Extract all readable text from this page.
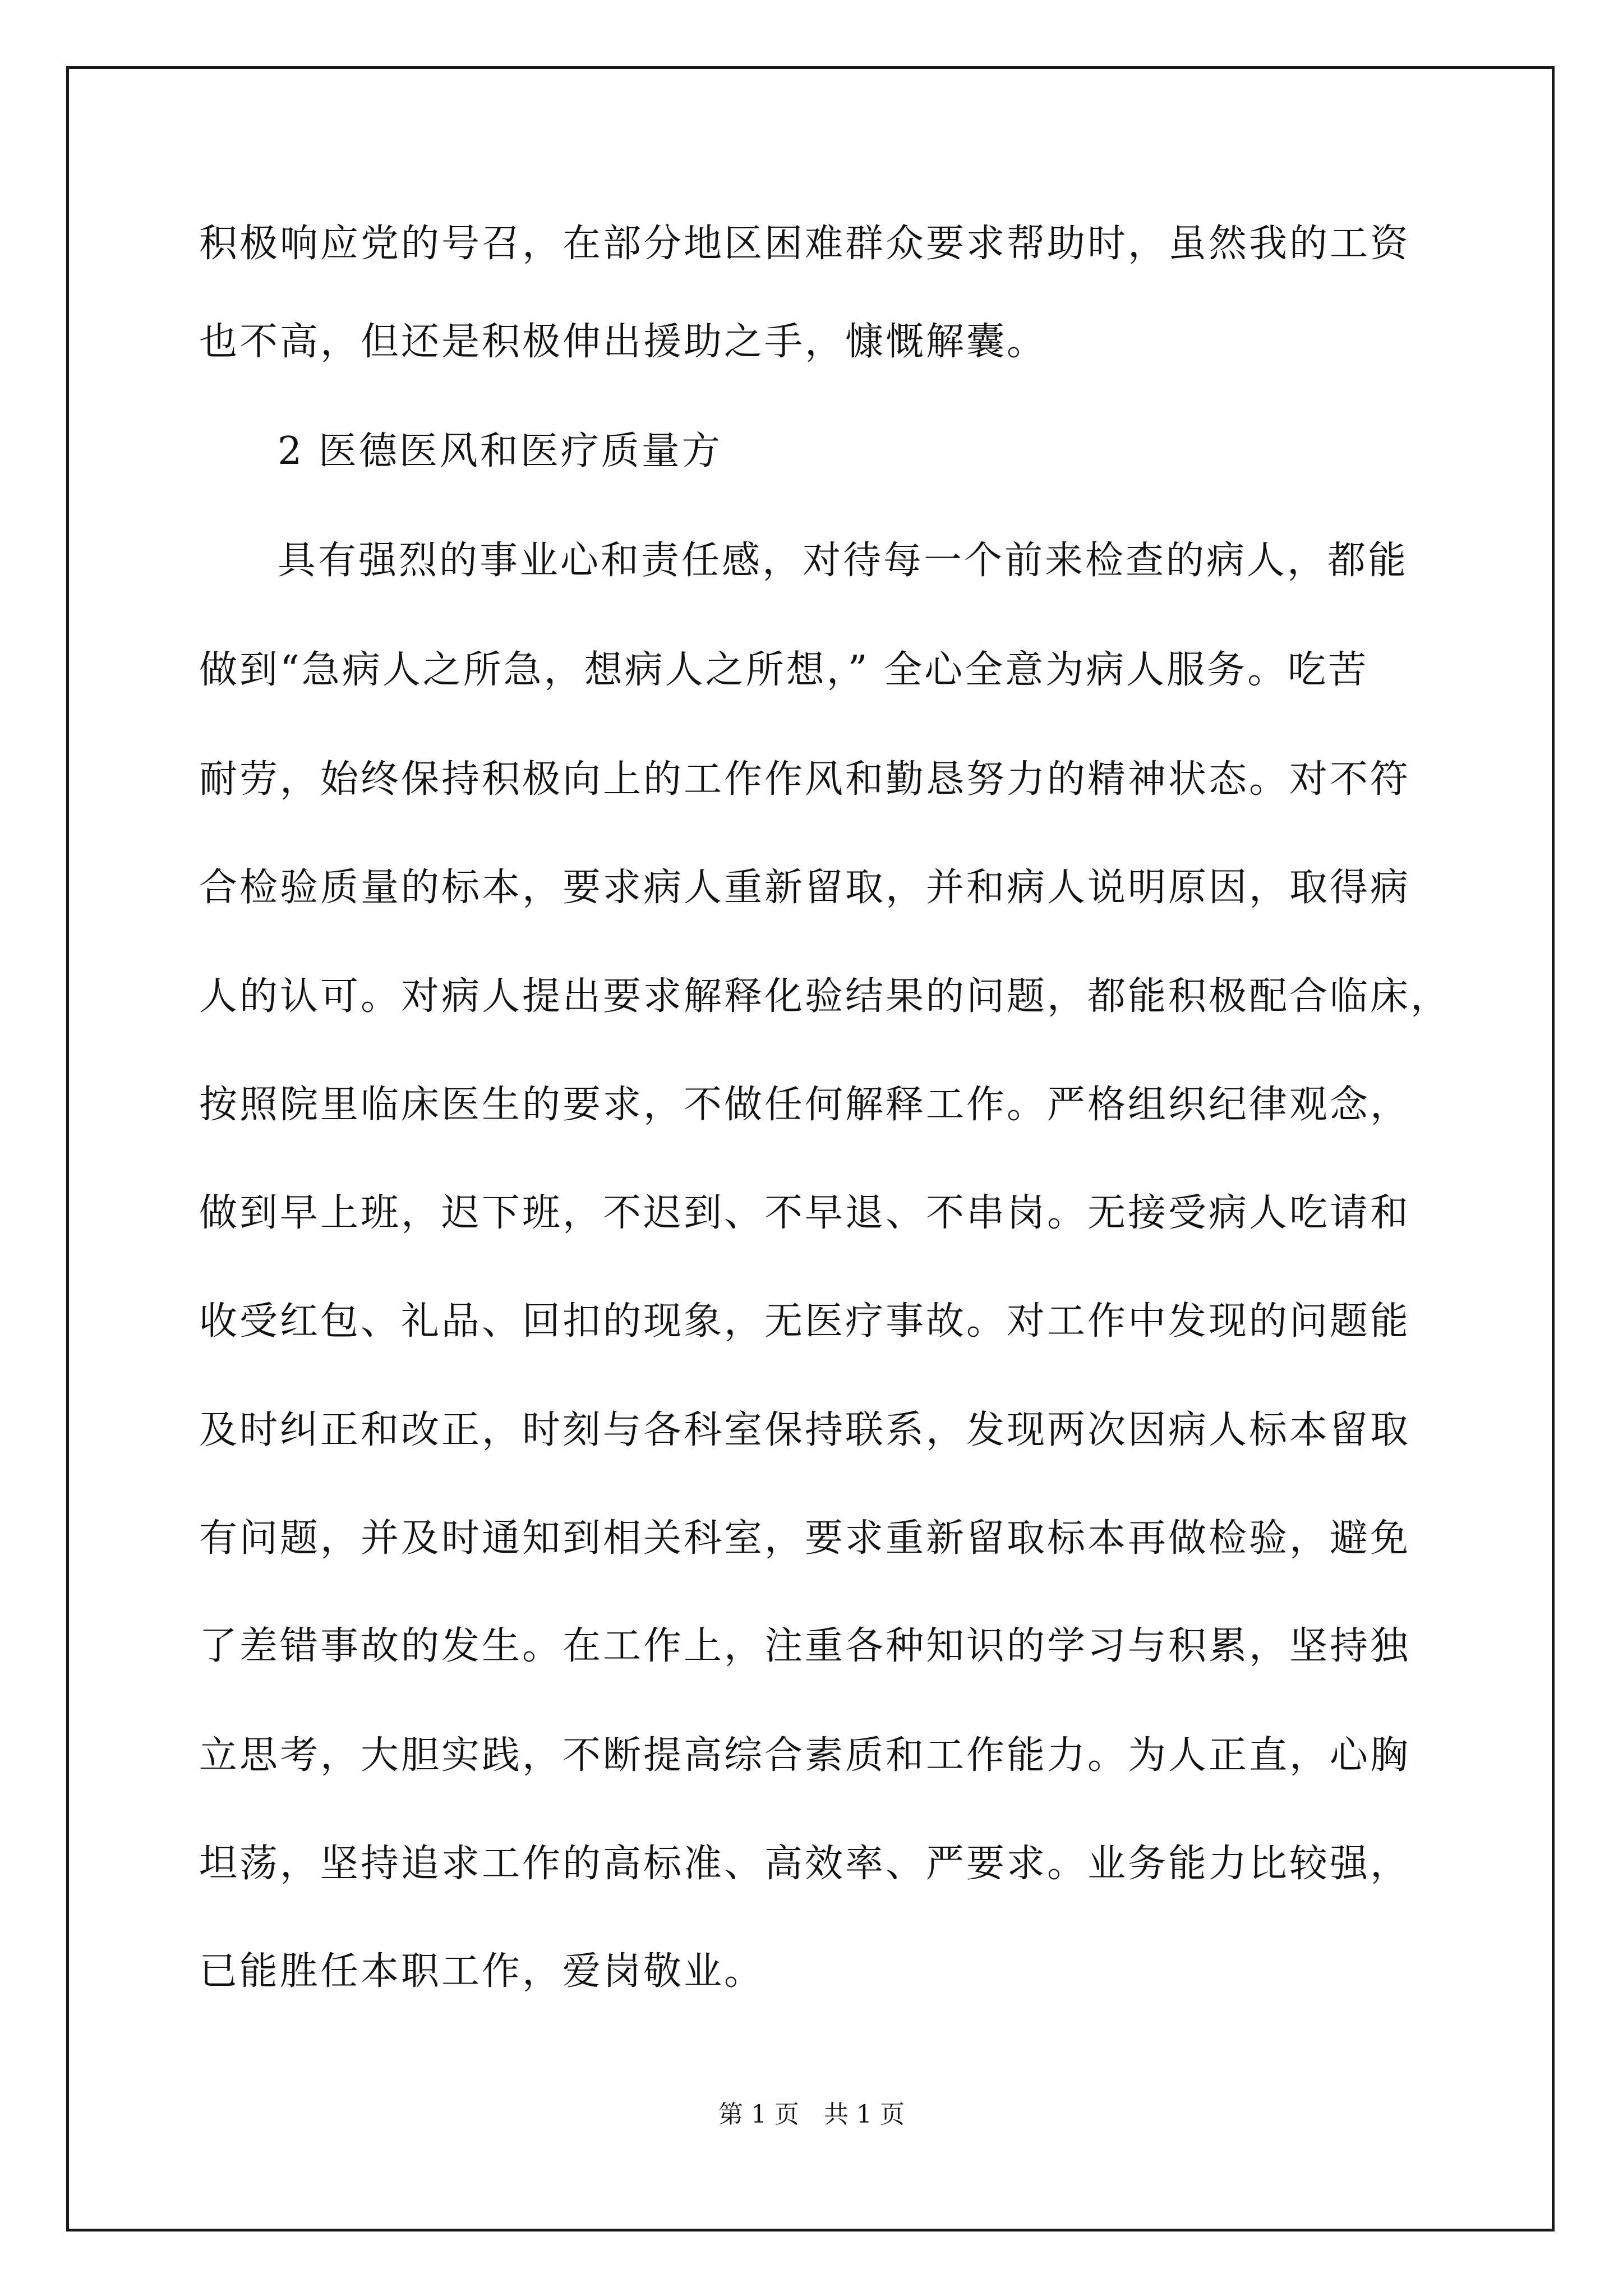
积极响应党的号召，在部分地区困难群众要求帮助时，虽然我的工资
也不高，但还是积极伸出援助之手，慷慨解囊。
2 医德医风和医疗质量方
具有强烈的事业心和责任感，对待每一个前来检查的病人，都能
做到“急病人之所急，想病人之所想，” 全心全意为病人服务。吃苦
耐劳，始终保持积极向上的工作作风和勤恳努力的精神状态。对不符
合检验质量的标本，要求病人重新留取，并和病人说明原因，取得病
人的认可。对病人提出要求解释化验结果的问题，都能积极配合临床，
按照院里临床医生的要求，不做任何解释工作。严格组织纪律观念，
做到早上班，迟下班，不迟到、不早退、不串岗。无接受病人吃请和
收受红包、礼品、回扣的现象，无医疗事故。对工作中发现的问题能
及时纠正和改正，时刻与各科室保持联系，发现两次因病人标本留取
有问题，并及时通知到相关科室，要求重新留取标本再做检验，避免
了差错事故的发生。在工作上，注重各种知识的学习与积累，坚持独
立思考，大胆实践，不断提高综合素质和工作能力。为人正直，心胸
坦荡，坚持追求工作的高标准、高效率、严要求。业务能力比较强，
已能胜任本职工作，爱岗敬业。
第 1 页　共 1 页
